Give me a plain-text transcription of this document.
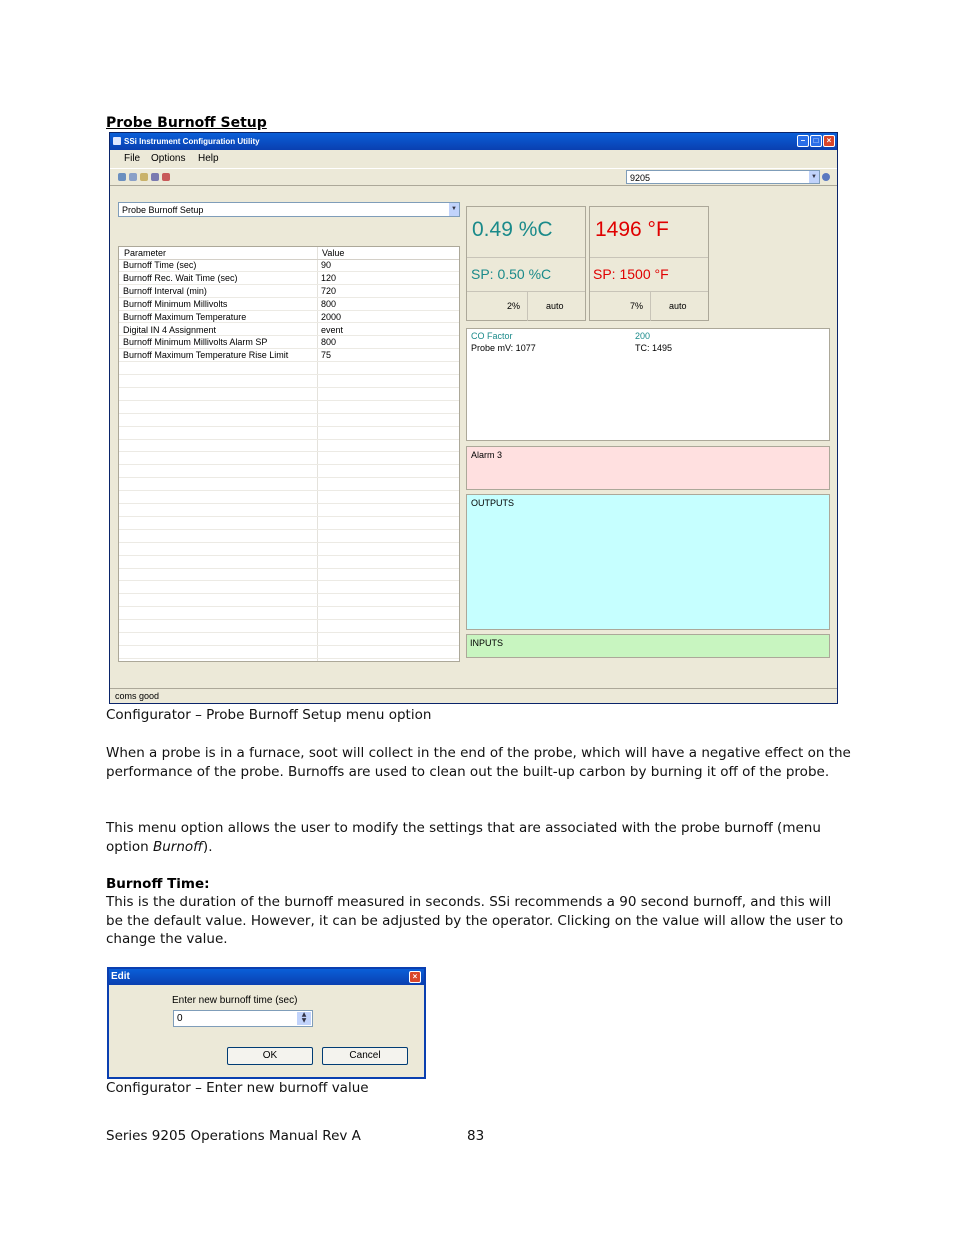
Probe Burnoff Setup
SSi Instrument Configuration Utility	–	□	×
File Options Help
9205	▼
Probe Burnoff Setup	▼
Parameter	Value
Burnoff Time (sec)	90
Burnoff Rec. Wait Time (sec)	120
Burnoff Interval (min)	720
Burnoff Minimum Millivolts	800
Burnoff Maximum Temperature	2000
Digital IN 4 Assignment	event
Burnoff Minimum Millivolts Alarm SP	800
Burnoff Maximum Temperature Rise Limit	75
0.49 %C
SP: 0.50 %C
2%	auto
1496 °F
SP: 1500 °F
7%	auto
CO Factor	200
Probe mV: 1077	TC: 1495
Alarm 3
OUTPUTS
INPUTS
coms good
Configurator – Probe Burnoff Setup menu option
When a probe is in a furnace, soot will collect in the end of the probe, which will have a negative effect on the performance of the probe. Burnoffs are used to clean out the built-up carbon by burning it off of the probe.
This menu option allows the user to modify the settings that are associated with the probe burnoff (menu option Burnoff).
Burnoff Time:
This is the duration of the burnoff measured in seconds. SSi recommends a 90 second burnoff, and this will be the default value. However, it can be adjusted by the operator. Clicking on the value will allow the user to change the value.
Edit	×
Enter new burnoff time (sec)
0	▲
▼
OK	Cancel
Configurator – Enter new burnoff value
Series 9205 Operations Manual Rev A	83
